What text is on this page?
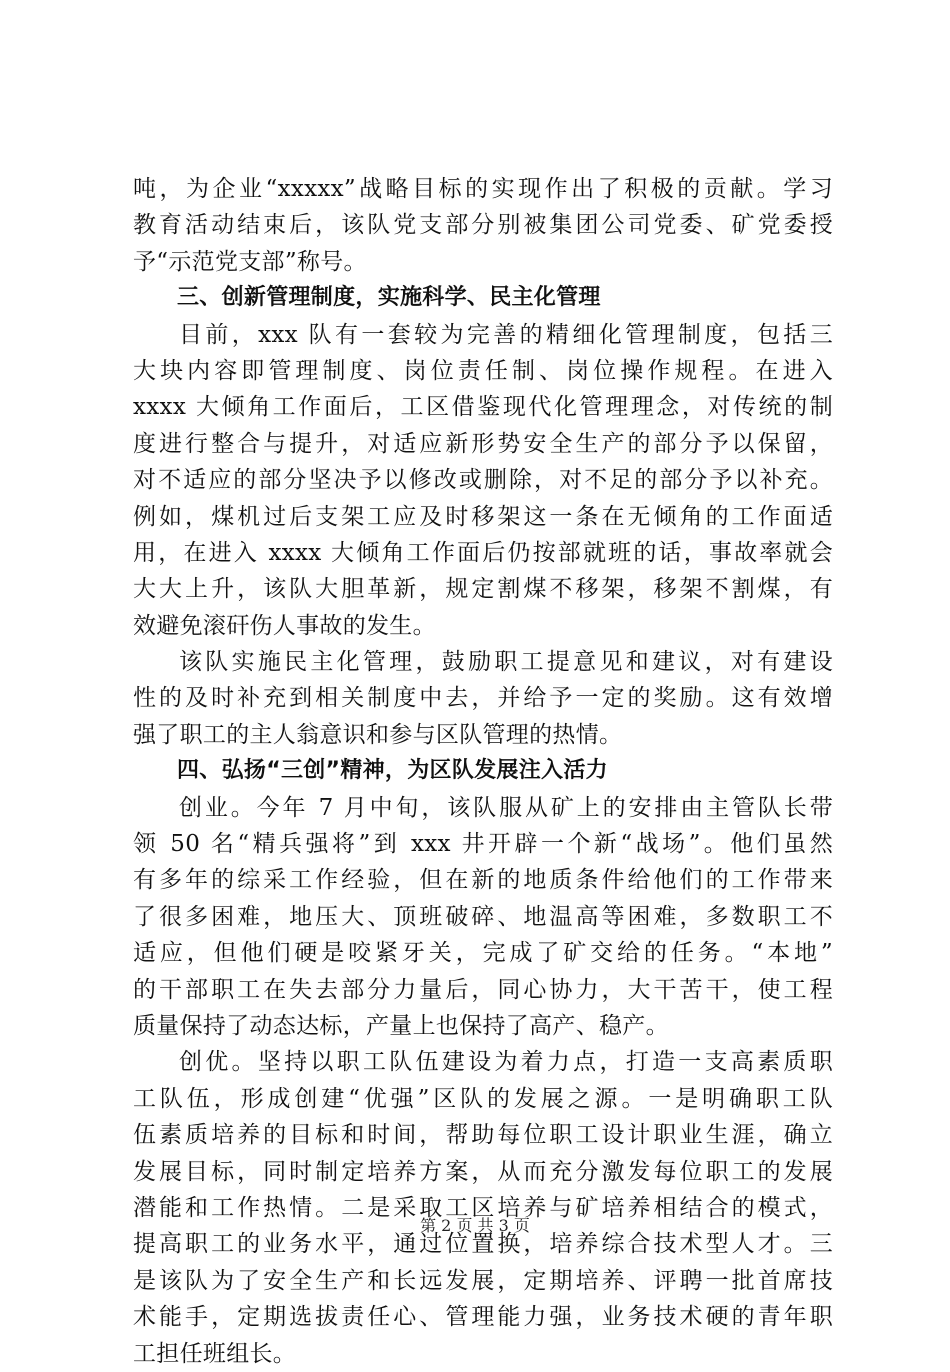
吨，为企业“xxxxx”战略目标的实现作出了积极的贡献。学习
教育活动结束后，该队党支部分别被集团公司党委、矿党委授
予“示范党支部”称号。
三、创新管理制度，实施科学、民主化管理
目前，xxx 队有一套较为完善的精细化管理制度，包括三
大块内容即管理制度、岗位责任制、岗位操作规程。在进入
xxxx 大倾角工作面后，工区借鉴现代化管理理念，对传统的制
度进行整合与提升，对适应新形势安全生产的部分予以保留，
对不适应的部分坚决予以修改或删除，对不足的部分予以补充。
例如，煤机过后支架工应及时移架这一条在无倾角的工作面适
用，在进入 xxxx 大倾角工作面后仍按部就班的话，事故率就会
大大上升，该队大胆革新，规定割煤不移架，移架不割煤，有
效避免滚矸伤人事故的发生。
该队实施民主化管理，鼓励职工提意见和建议，对有建设
性的及时补充到相关制度中去，并给予一定的奖励。这有效增
强了职工的主人翁意识和参与区队管理的热情。
四、弘扬“三创”精神，为区队发展注入活力
创业。今年 7 月中旬，该队服从矿上的安排由主管队长带
领 50 名“精兵强将”到 xxx 井开辟一个新“战场”。他们虽然
有多年的综采工作经验，但在新的地质条件给他们的工作带来
了很多困难，地压大、顶班破碎、地温高等困难，多数职工不
适应，但他们硬是咬紧牙关，完成了矿交给的任务。“本地”
的干部职工在失去部分力量后，同心协力，大干苦干，使工程
质量保持了动态达标，产量上也保持了高产、稳产。
创优。坚持以职工队伍建设为着力点，打造一支高素质职
工队伍，形成创建“优强”区队的发展之源。一是明确职工队
伍素质培养的目标和时间，帮助每位职工设计职业生涯，确立
发展目标，同时制定培养方案，从而充分激发每位职工的发展
潜能和工作热情。二是采取工区培养与矿培养相结合的模式，
提高职工的业务水平，通过位置换，培养综合技术型人才。三
是该队为了安全生产和长远发展，定期培养、评聘一批首席技
术能手，定期选拔责任心、管理能力强，业务技术硬的青年职
工担任班组长。
第 2 页 共 3 页
